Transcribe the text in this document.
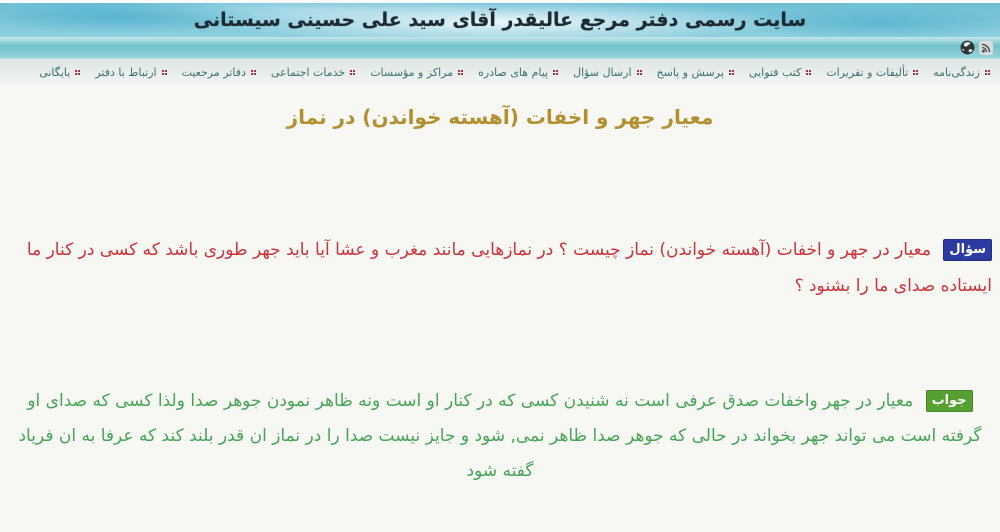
سایت رسمی دفتر مرجع عالیقدر آقای سید علی حسینی سیستانی
زندگی‌نامه
تألیفات و تقریرات
کتب فتوایی
پرسش و پاسخ
ارسال سؤال
پیام های صادره
مراکز و مؤسسات
خدمات اجتماعی
دفاتر مرجعیت
ارتباط با دفتر
بایگانی
معیار جهر و اخفات (آهسته خواندن) در نماز

سؤال معیار در جهر و اخفات (آهسته خواندن) نماز چیست ؟ در نمازهایی مانند مغرب و عشا آیا باید جهر طوری باشد که کسی در کنار ما ایستاده صدای ما را بشنود ؟

جواب معیار در جهر واخفات صدق عرفی است نه شنیدن کسی که در کنار او است ونه ظاهر نمودن جوهر صدا ولذا کسی که صدای او گرفته است می تواند جهر بخواند در حالی که جوهر صدا ظاهر نمی, شود و جایز نیست صدا را در نماز ان قدر بلند کند که عرفا به ان فریاد گفته شود
